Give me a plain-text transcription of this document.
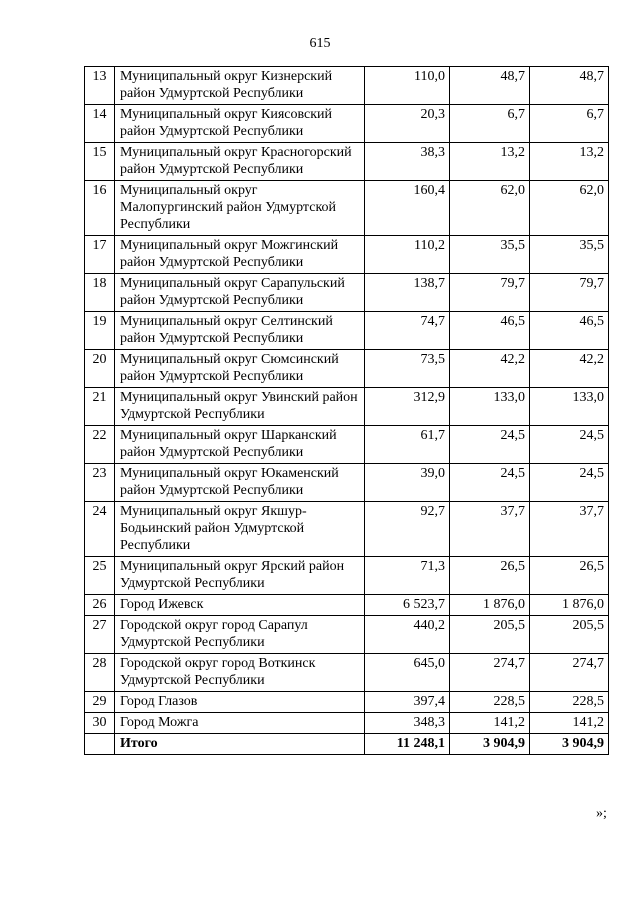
615
13	Муниципальный округ Кизнерский район Удмуртской Республики	110,0	48,7	48,7
14	Муниципальный округ Киясовский район Удмуртской Республики	20,3	6,7	6,7
15	Муниципальный округ Красногорский район Удмуртской Республики	38,3	13,2	13,2
16	Муниципальный округ Малопургинский район Удмуртской Республики	160,4	62,0	62,0
17	Муниципальный округ Можгинский район Удмуртской Республики	110,2	35,5	35,5
18	Муниципальный округ Сарапульский район Удмуртской Республики	138,7	79,7	79,7
19	Муниципальный округ Селтинский район Удмуртской Республики	74,7	46,5	46,5
20	Муниципальный округ Сюмсинский район Удмуртской Республики	73,5	42,2	42,2
21	Муниципальный округ Увинский район Удмуртской Республики	312,9	133,0	133,0
22	Муниципальный округ Шарканский район Удмуртской Республики	61,7	24,5	24,5
23	Муниципальный округ Юкаменский район Удмуртской Республики	39,0	24,5	24,5
24	Муниципальный округ Якшур-Бодьинский район Удмуртской Республики	92,7	37,7	37,7
25	Муниципальный округ Ярский район Удмуртской Республики	71,3	26,5	26,5
26	Город Ижевск	6 523,7	1 876,0	1 876,0
27	Городской округ город Сарапул Удмуртской Республики	440,2	205,5	205,5
28	Городской округ город Воткинск Удмуртской Республики	645,0	274,7	274,7
29	Город Глазов	397,4	228,5	228,5
30	Город Можга	348,3	141,2	141,2
	Итого	11 248,1	3 904,9	3 904,9
»;
